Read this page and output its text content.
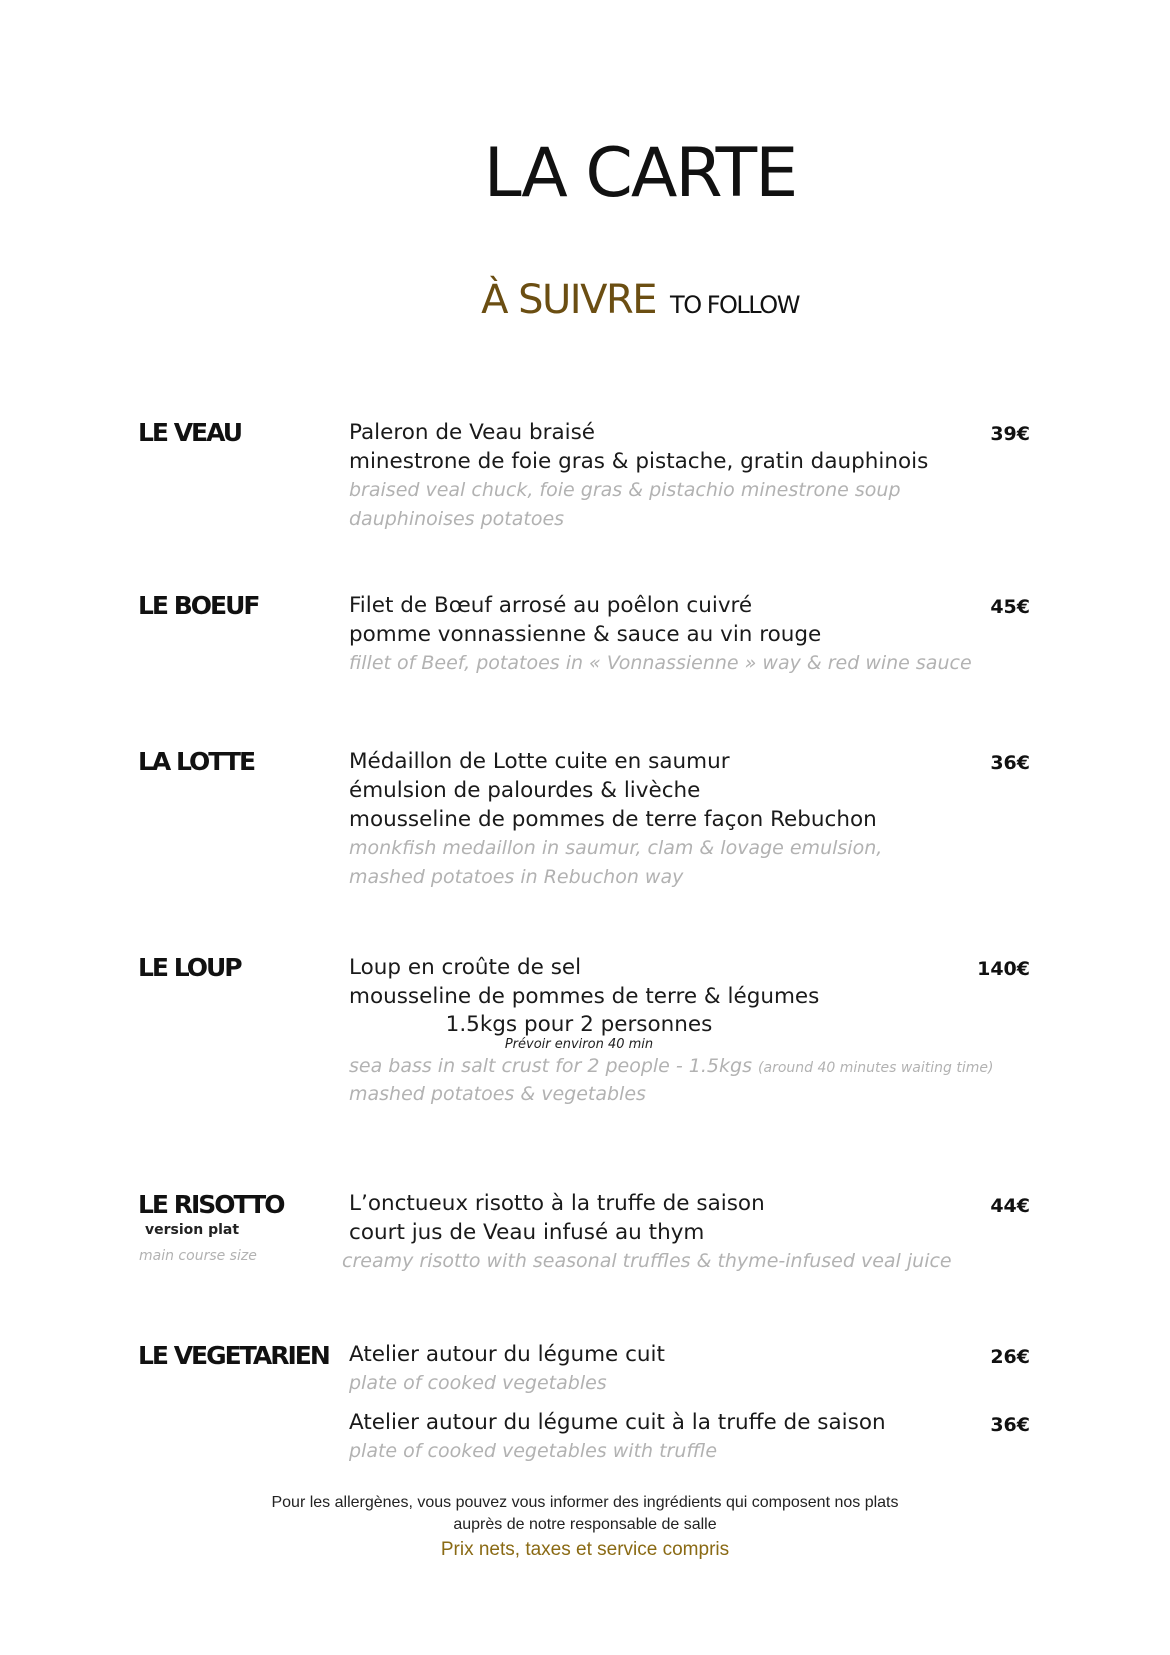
LA CARTE
À SUIVRE TO FOLLOW
LE VEAU	39€
Paleron de Veau braisé
minestrone de foie gras & pistache, gratin dauphinois
braised veal chuck, foie gras & pistachio minestrone soup
dauphinoises potatoes
LE BOEUF	45€
Filet de Bœuf arrosé au poêlon cuivré
pomme vonnassienne & sauce au vin rouge
fillet of Beef, potatoes in « Vonnassienne » way & red wine sauce
LA LOTTE	36€
Médaillon de Lotte cuite en saumur
émulsion de palourdes & livèche
mousseline de pommes de terre façon Rebuchon
monkfish medaillon in saumur, clam & lovage emulsion,
mashed potatoes in Rebuchon way
LE LOUP	140€
Loup en croûte de sel
mousseline de pommes de terre & légumes
1.5kgs pour 2 personnes
Prévoir environ 40 min
sea bass in salt crust for 2 people - 1.5kgs (around 40 minutes waiting time)
mashed potatoes & vegetables
LE RISOTTO
version plat
main course size
44€
L’onctueux risotto à la truffe de saison
court jus de Veau infusé au thym
creamy risotto with seasonal truffles & thyme-infused veal juice
LE VEGETARIEN	26€
Atelier autour du légume cuit
plate of cooked vegetables
36€
Atelier autour du légume cuit à la truffe de saison
plate of cooked vegetables with truffle
Pour les allergènes, vous pouvez vous informer des ingrédients qui composent nos plats
auprès de notre responsable de salle
Prix nets, taxes et service compris
